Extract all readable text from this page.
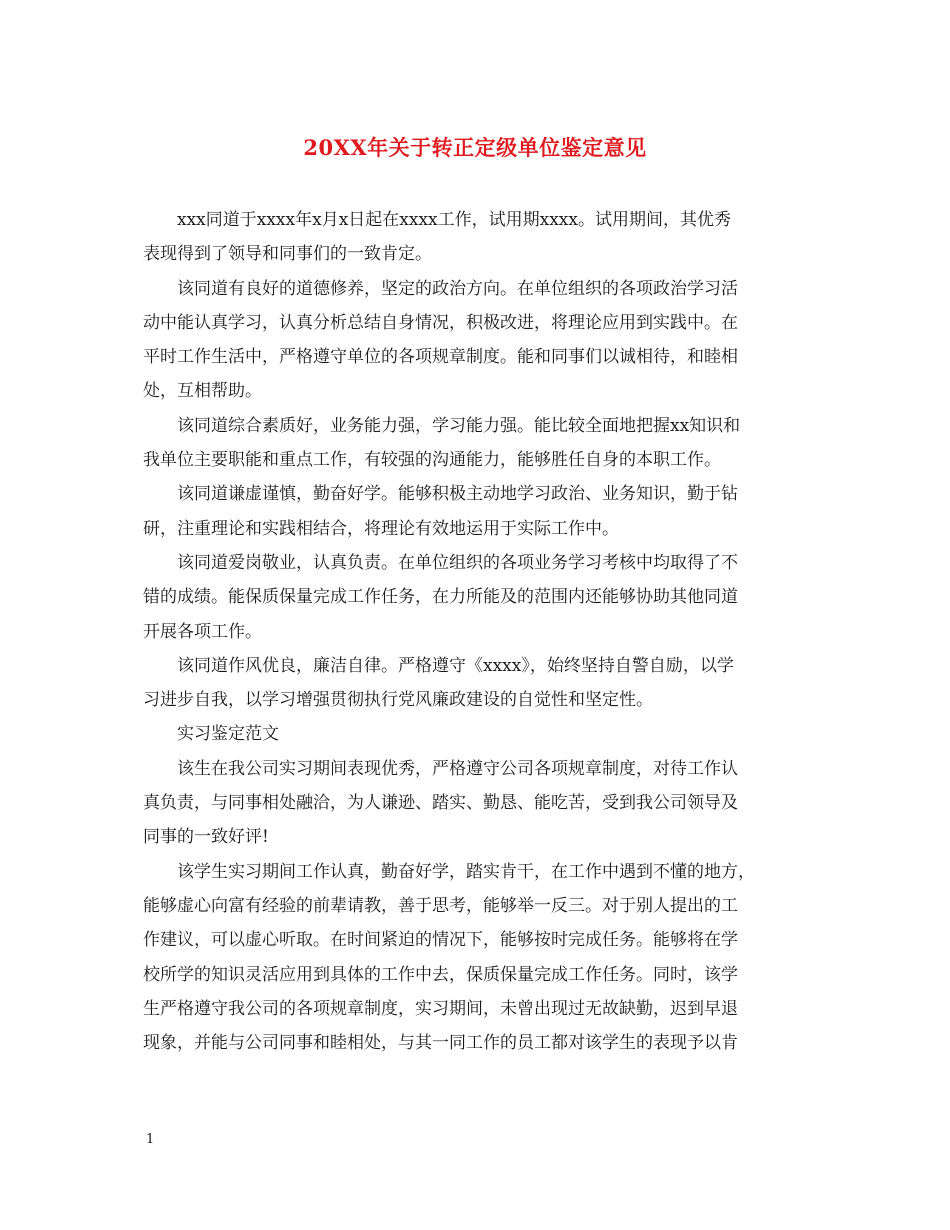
20XX年关于转正定级单位鉴定意见

xxx同道于xxxx年x月x日起在xxxx工作，试用期xxxx。试用期间，其优秀
表现得到了领导和同事们的一致肯定。

该同道有良好的道德修养，坚定的政治方向。在单位组织的各项政治学习活
动中能认真学习，认真分析总结自身情况，积极改进，将理论应用到实践中。在
平时工作生活中，严格遵守单位的各项规章制度。能和同事们以诚相待，和睦相
处，互相帮助。

该同道综合素质好，业务能力强，学习能力强。能比较全面地把握xx知识和
我单位主要职能和重点工作，有较强的沟通能力，能够胜任自身的本职工作。

该同道谦虚谨慎，勤奋好学。能够积极主动地学习政治、业务知识，勤于钻
研，注重理论和实践相结合，将理论有效地运用于实际工作中。

该同道爱岗敬业，认真负责。在单位组织的各项业务学习考核中均取得了不
错的成绩。能保质保量完成工作任务，在力所能及的范围内还能够协助其他同道
开展各项工作。

该同道作风优良，廉洁自律。严格遵守《xxxx》，始终坚持自警自励，以学
习进步自我，以学习增强贯彻执行党风廉政建设的自觉性和坚定性。

实习鉴定范文

该生在我公司实习期间表现优秀，严格遵守公司各项规章制度，对待工作认
真负责，与同事相处融洽，为人谦逊、踏实、勤恳、能吃苦，受到我公司领导及
同事的一致好评!

该学生实习期间工作认真，勤奋好学，踏实肯干，在工作中遇到不懂的地方，
能够虚心向富有经验的前辈请教，善于思考，能够举一反三。对于别人提出的工
作建议，可以虚心听取。在时间紧迫的情况下，能够按时完成任务。能够将在学
校所学的知识灵活应用到具体的工作中去，保质保量完成工作任务。同时，该学
生严格遵守我公司的各项规章制度，实习期间，未曾出现过无故缺勤，迟到早退
现象，并能与公司同事和睦相处，与其一同工作的员工都对该学生的表现予以肯

1
